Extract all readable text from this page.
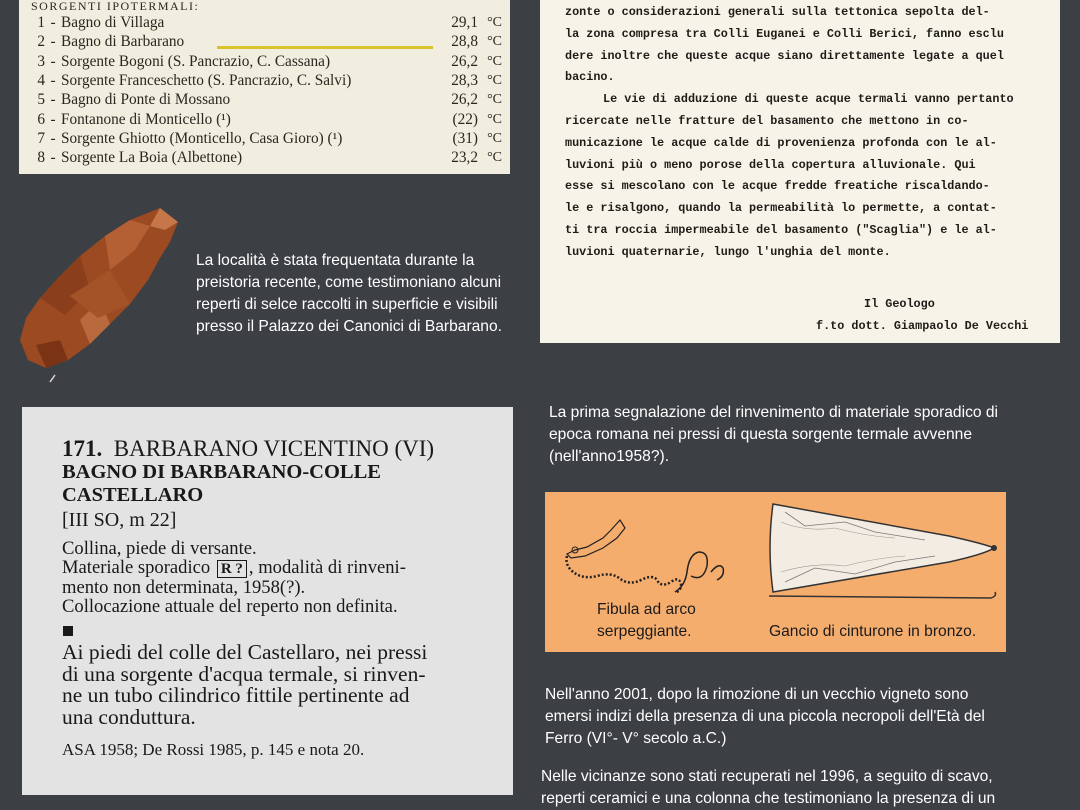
SORGENTI IPOTERMALI:
1 - Bagno di Villaga	29,1 °C
2 - Bagno di Barbarano	28,8 °C
3 - Sorgente Bogoni (S. Pancrazio, C. Cassana)	26,2 °C
4 - Sorgente Franceschetto (S. Pancrazio, C. Salvi)	28,3 °C
5 - Bagno di Ponte di Mossano	26,2 °C
6 - Fontanone di Monticello (¹)	(22) °C
7 - Sorgente Ghiotto (Monticello, Casa Gioro) (¹)	(31) °C
8 - Sorgente La Boia (Albettone)	23,2 °C
zonte o considerazioni generali sulla tettonica sepolta del-
la zona compresa tra Colli Euganei e Colli Berici, fanno esclu
dere inoltre che queste acque siano direttamente legate a quel
bacino.
Le vie di adduzione di queste acque termali vanno pertanto
ricercate nelle fratture del basamento che mettono in co-
municazione le acque calde di provenienza profonda con le al-
luvioni più o meno porose della copertura alluvionale. Qui
esse si mescolano con le acque fredde freatiche riscaldando-
le e risalgono, quando la permeabilità lo permette, a contat-
ti tra roccia impermeabile del basamento ("Scaglia") e le al-
luvioni quaternarie, lungo l'unghia del monte.
Il Geologo
f.to dott. Giampaolo De Vecchi
La località è stata frequentata durante la
preistoria recente, come testimoniano alcuni
reperti di selce raccolti in superficie e visibili
presso il Palazzo dei Canonici di Barbarano.
171. BARBARANO VICENTINO (VI)
BAGNO DI BARBARANO-COLLE
CASTELLARO
[III SO, m 22]
Collina, piede di versante.
Materiale sporadico R ? , modalità di rinveni-
mento non determinata, 1958(?).
Collocazione attuale del reperto non definita.
Ai piedi del colle del Castellaro, nei pressi
di una sorgente d'acqua termale, si rinven-
ne un tubo cilindrico fittile pertinente ad
una conduttura.
ASA 1958; De Rossi 1985, p. 145 e nota 20.
La prima segnalazione del rinvenimento di materiale sporadico di
epoca romana nei pressi di questa sorgente termale avvenne
(nell'anno1958?).
Fibula ad arco
serpeggiante.	Gancio di cinturone in bronzo.
Nell'anno 2001, dopo la rimozione di un vecchio vigneto sono
emersi indizi della presenza di una piccola necropoli dell'Età del
Ferro (VI°- V° secolo a.C.)
Nelle vicinanze sono stati recuperati nel 1996, a seguito di scavo,
reperti ceramici e una colonna che testimoniano la presenza di un
